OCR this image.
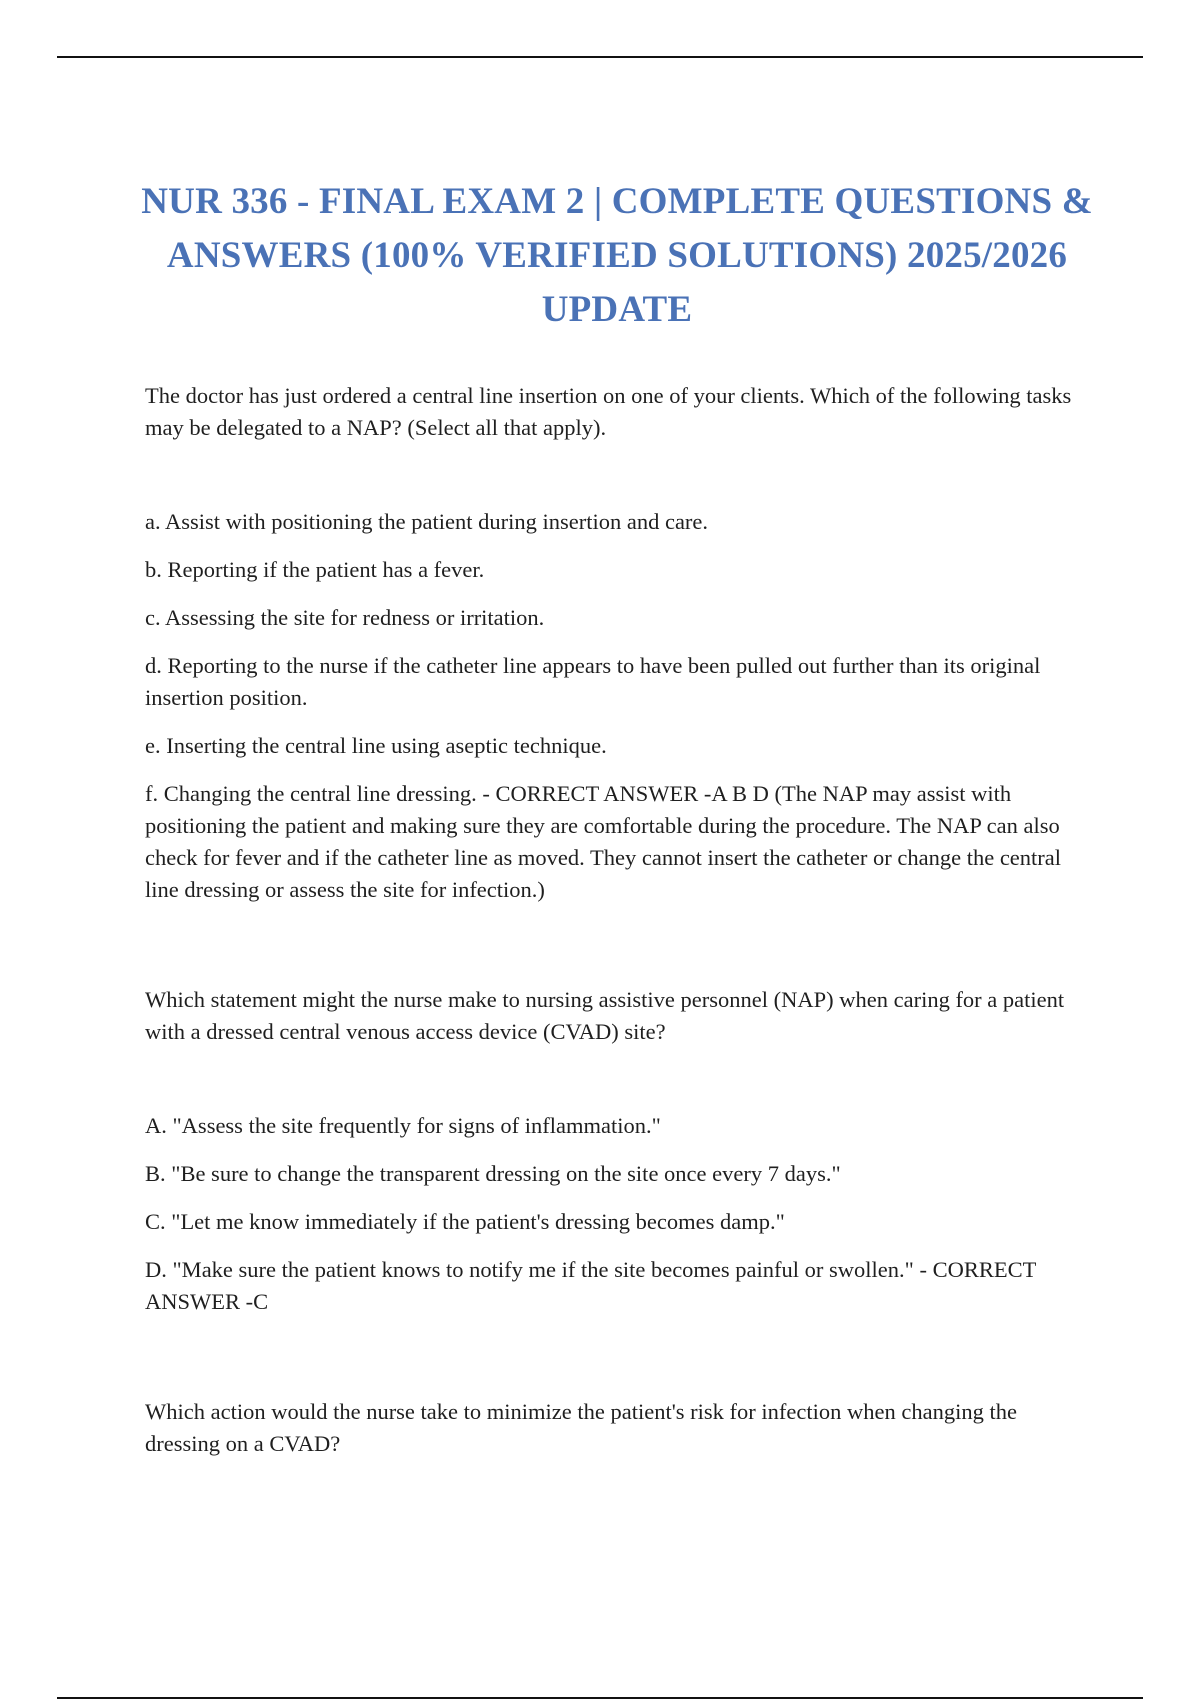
NUR 336 - FINAL EXAM 2 | COMPLETE QUESTIONS & ANSWERS (100% VERIFIED SOLUTIONS) 2025/2026 UPDATE

The doctor has just ordered a central line insertion on one of your clients. Which of the following tasks may be delegated to a NAP? (Select all that apply).

a. Assist with positioning the patient during insertion and care.

b. Reporting if the patient has a fever.

c. Assessing the site for redness or irritation.

d. Reporting to the nurse if the catheter line appears to have been pulled out further than its original insertion position.

e. Inserting the central line using aseptic technique.

f. Changing the central line dressing. - CORRECT ANSWER -A B D (The NAP may assist with positioning the patient and making sure they are comfortable during the procedure. The NAP can also check for fever and if the catheter line as moved. They cannot insert the catheter or change the central line dressing or assess the site for infection.)

Which statement might the nurse make to nursing assistive personnel (NAP) when caring for a patient with a dressed central venous access device (CVAD) site?

A. "Assess the site frequently for signs of inflammation."

B. "Be sure to change the transparent dressing on the site once every 7 days."

C. "Let me know immediately if the patient's dressing becomes damp."

D. "Make sure the patient knows to notify me if the site becomes painful or swollen." - CORRECT ANSWER -C

Which action would the nurse take to minimize the patient's risk for infection when changing the dressing on a CVAD?
